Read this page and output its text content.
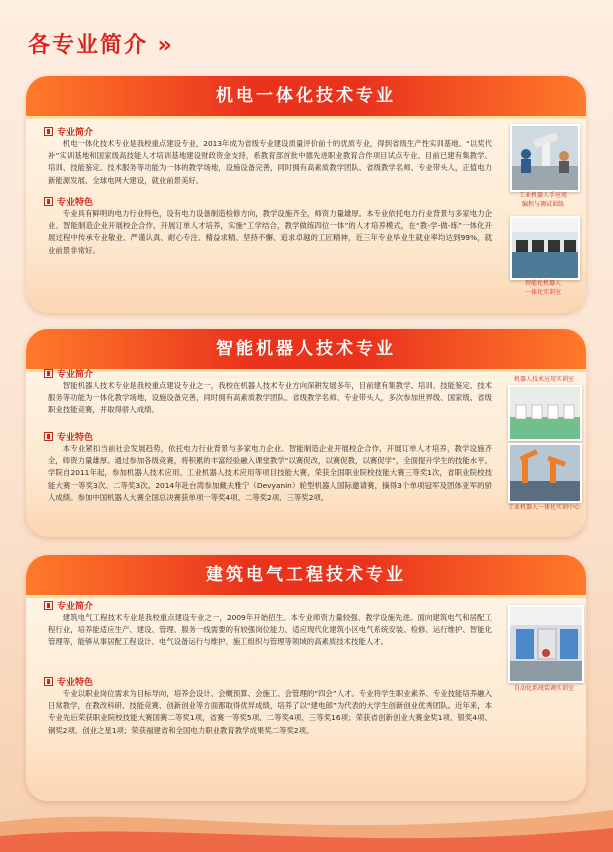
各专业简介 »
机电一体化技术专业
专业简介
机电一体化技术专业是我校重点建设专业，2013年成为省级专业建设质量评价前十的优质专业，得到省级生产性实训基地、“以奖代补”实训基地和国家级高技能人才培训基地建设财政资金支持，系教育部首批中德先进职业教育合作项目试点专业。目前已建有集教学、培训、技能鉴定、技术服务等功能为一体的教学场地，设施设备完善，同时拥有高素质教学团队、省级教学名师、专业带头人，正值电力新能源发展、全球电网大建设，就业前景美好。
专业特色
专业具有鲜明的电力行业特色，设有电力设备制造检修方向，教学设施齐全，师资力量雄厚。本专业依托电力行业背景与多家电力企业、智能制造企业开展校企合作，开展订单人才培养，实施“工学结合，教学做练四位一体”的人才培养模式，在“教-学-做-练”一体化开展过程中传承专业敬业、严谨认真、耐心专注、精益求精、坚持不懈、追求卓越的工匠精神，近三年专业毕业生就业率均达到99%，就业前景非常好。
工业机器人手应用
编程与调试训练
智能化机器人
一体化实训室
智能机器人技术专业
专业简介
智能机器人技术专业是我校重点建设专业之一，我校在机器人技术专业方向深耕发展多年，目前建有集教学、培训、技能鉴定、技术服务等功能为一体化教学场地，设施设备完善，同时拥有高素质教学团队、省级教学名师、专业带头人，多次参加世界级、国家级、省级职业技能竞赛，并取得骄人成绩。
专业特色
本专业紧扣当前社会发展趋势，依托电力行业背景与多家电力企业、智能制造企业开展校企合作，开展订单人才培养，教学设施齐全，师资力量雄厚。通过参加各级竞赛，将积累的丰富经验融入课堂教学“以赛促改，以赛促教，以赛促学”，全面提升学生的技能水平。学院自2011年起，参加机器人技术应用、工业机器人技术应用等项目技能大赛，荣获全国职业院校技能大赛三等奖1次，省职业院校技能大赛一等奖3次、二等奖3次。2014年赴台湾参加戴夫雅宁（Devyanin）轮型机器人国际邀请赛，摘得3个单项冠军及团体亚军的骄人成绩。参加中国机器人大赛全国总决赛获单项一等奖4项、二等奖2项、三等奖2项。
机器人技术应用实训室
工业机器人一体化实训中心
建筑电气工程技术专业
专业简介
建筑电气工程技术专业是我校重点建设专业之一，2009年开始招生。本专业师资力量较强、教学设施先进。面向建筑电气和居配工程行业，培养能适应生产、建设、管理、服务一线需要的有较强岗位能力，适应现代化建筑小区电气系统安装、检修、运行维护、智能化管理等，能够从事居配工程设计、电气设备运行与维护、施工组织与管理等领域的高素质技术技能人才。
专业特色
专业以职业岗位需求为目标导向，培养会设计、会概预算、会施工、会管理的“四会”人才。专业将学生职业素养、专业技能培养融入日常教学，在教改科研、技能竞赛、创新创业等方面都取得优异成绩，培养了以“建电郎”为代表的大学生创新创业优秀团队。近年来，本专业先后荣获职业院校技能大赛国赛二等奖1项，省赛一等奖5项、二等奖4项、三等奖16项；荣获省创新创业大赛金奖1项、银奖4项、铜奖2项、创业之星1项；荣获福建省和全国电力职业教育教学成果奖二等奖2项。
自动化系统装调实训室
